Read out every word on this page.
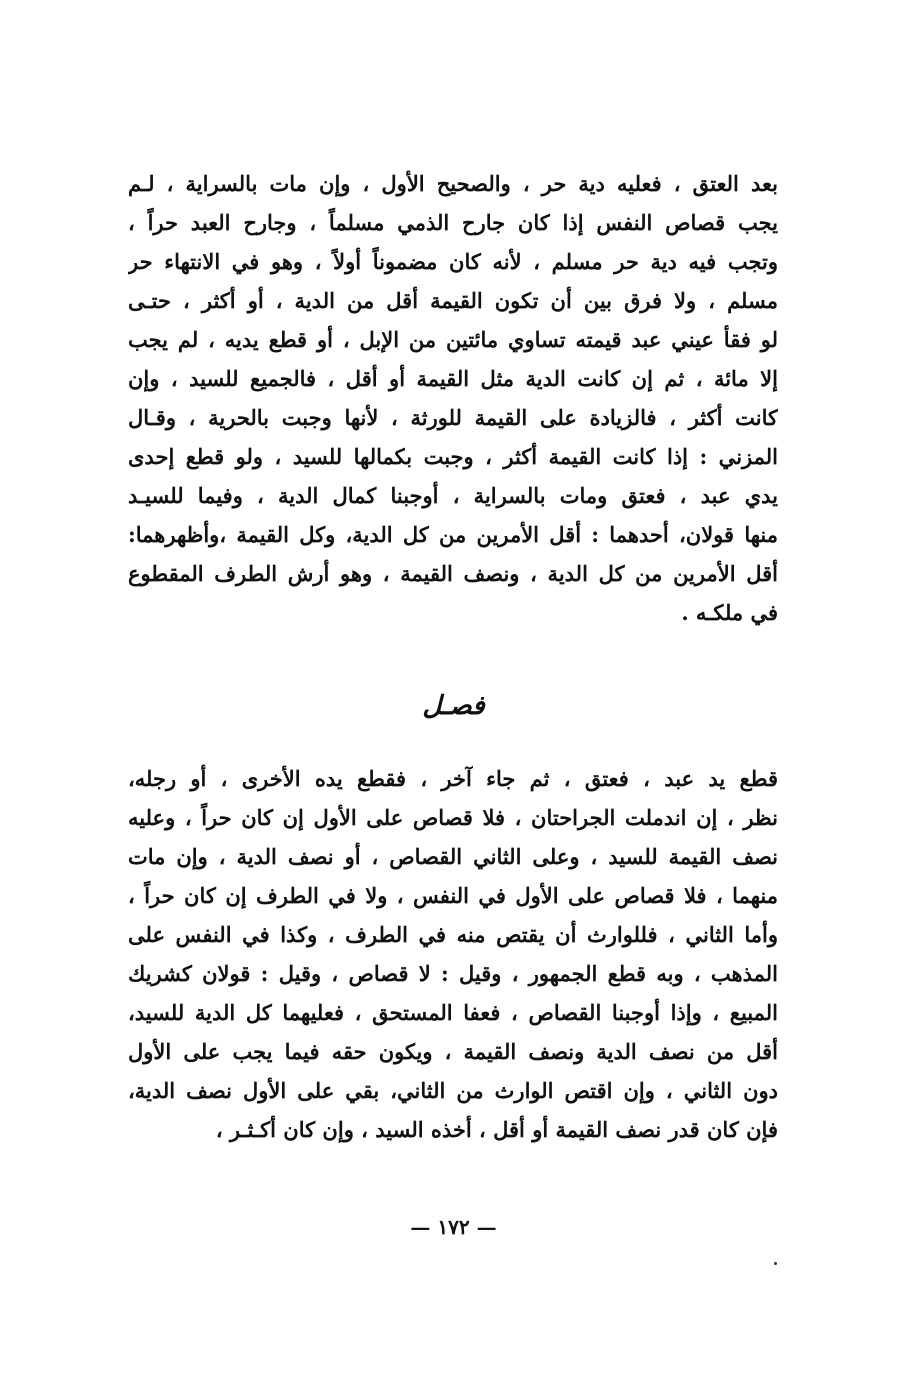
بعد العتق ، فعليه دية حر ، والصحيح الأول ، وإن مات بالسراية ، لـم
يجب قصاص النفس إذا كان جارح الذمي مسلماً ، وجارح العبد حراً ،
وتجب فيه دية حر مسلم ، لأنه كان مضموناً أولاً ، وهو في الانتهاء حر
مسلم ، ولا فرق بين أن تكون القيمة أقل من الدية ، أو أكثر ، حتـى
لو فقأ عيني عبد قيمته تساوي مائتين من الإبل ، أو قطع يديه ، لم يجب
إلا مائة ، ثم إن كانت الدية مثل القيمة أو أقل ، فالجميع للسيد ، وإن
كانت أكثر ، فالزيادة على القيمة للورثة ، لأنها وجبت بالحرية ، وقـال
المزني : إذا كانت القيمة أكثر ، وجبت بكمالها للسيد ، ولو قطع إحدى
يدي عبد ، فعتق ومات بالسراية ، أوجبنا كمال الدية ، وفيما للسيـد
منها قولان، أحدهما : أقل الأمرين من كل الدية، وكل القيمة ،وأظهرهما:
أقل الأمرين من كل الدية ، ونصف القيمة ، وهو أرش الطرف المقطوع
في ملكـه .
فصـل
قطع يد عبد ، فعتق ، ثم جاء آخر ، فقطع يده الأخرى ، أو رجله،
نظر ، إن اندملت الجراحتان ، فلا قصاص على الأول إن كان حراً ، وعليه
نصف القيمة للسيد ، وعلى الثاني القصاص ، أو نصف الدية ، وإن مات
منهما ، فلا قصاص على الأول في النفس ، ولا في الطرف إن كان حراً ،
وأما الثاني ، فللوارث أن يقتص منه في الطرف ، وكذا في النفس على
المذهب ، وبه قطع الجمهور ، وقيل : لا قصاص ، وقيل : قولان كشريك
المبيع ، وإذا أوجبنا القصاص ، فعفا المستحق ، فعليهما كل الدية للسيد،
أقل من نصف الدية ونصف القيمة ، ويكون حقه فيما يجب على الأول
دون الثاني ، وإن اقتص الوارث من الثاني، بقي على الأول نصف الدية،
فإن كان قدر نصف القيمة أو أقل ، أخذه السيد ، وإن كان أكـثـر ،
— ١٧٢ —
